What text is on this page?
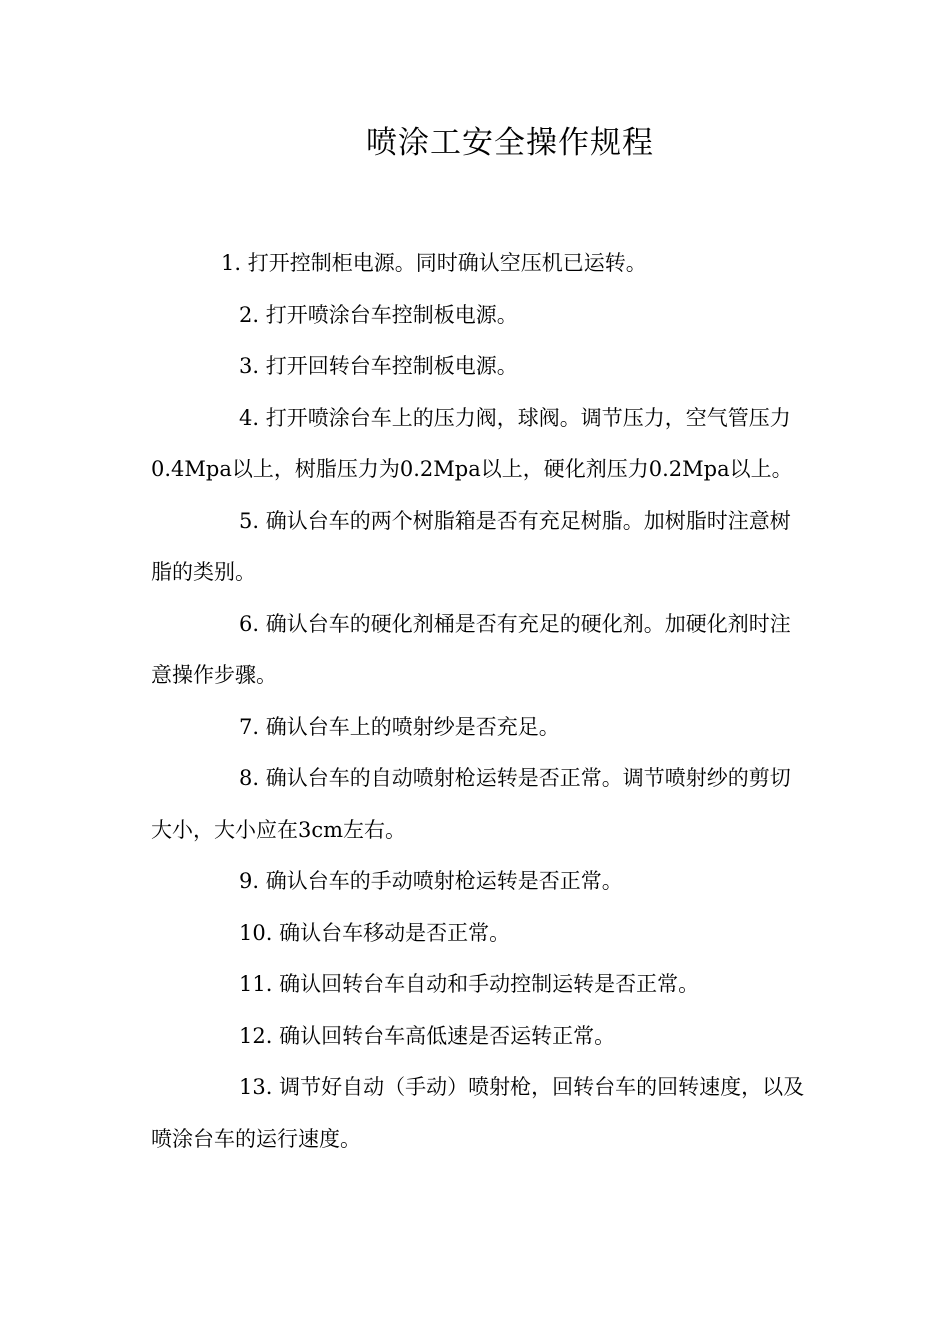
喷涂工安全操作规程

1. 打开控制柜电源。同时确认空压机已运转。

2. 打开喷涂台车控制板电源。

3. 打开回转台车控制板电源。

4. 打开喷涂台车上的压力阀，球阀。调节压力，空气管压力0.4Mpa以上，树脂压力为0.2Mpa以上，硬化剂压力0.2Mpa以上。

5. 确认台车的两个树脂箱是否有充足树脂。加树脂时注意树脂的类别。

6. 确认台车的硬化剂桶是否有充足的硬化剂。加硬化剂时注意操作步骤。

7. 确认台车上的喷射纱是否充足。

8. 确认台车的自动喷射枪运转是否正常。调节喷射纱的剪切大小，大小应在3cm左右。

9. 确认台车的手动喷射枪运转是否正常。

10. 确认台车移动是否正常。

11. 确认回转台车自动和手动控制运转是否正常。

12. 确认回转台车高低速是否运转正常。

13. 调节好自动（手动）喷射枪，回转台车的回转速度，以及喷涂台车的运行速度。
